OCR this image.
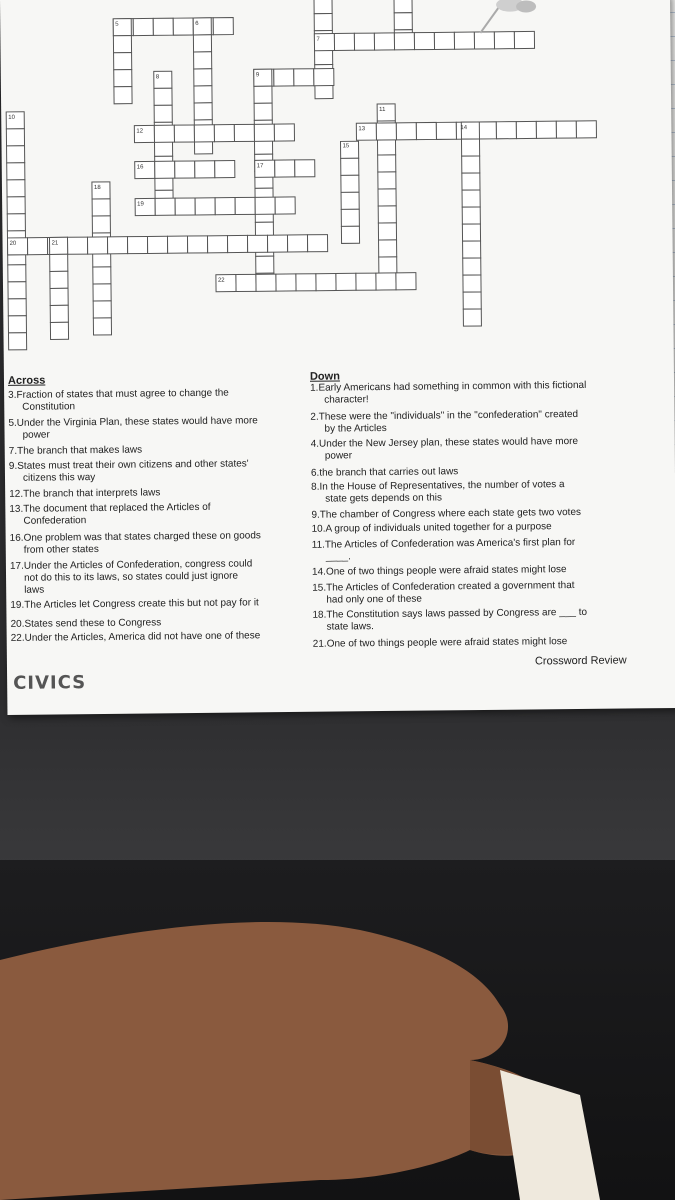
5	6
7
8	9
10
11
12	13	14
15
16	17
18
19
20	21
22
Across
3.Fraction of states that must agree to change the
Constitution
5.Under the Virginia Plan, these states would have more
power
7.The branch that makes laws
9.States must treat their own citizens and other states'
citizens this way
12.The branch that interprets laws
13.The document that replaced the Articles of
Confederation
16.One problem was that states charged these on goods
from other states
17.Under the Articles of Confederation, congress could
not do this to its laws, so states could just ignore
laws
19.The Articles let Congress create this but not pay for it
20.States send these to Congress
22.Under the Articles, America did not have one of these
Down
1.Early Americans had something in common with this fictional
character!
2.These were the "individuals" in the "confederation" created
by the Articles
4.Under the New Jersey plan, these states would have more
power
6.the branch that carries out laws
8.In the House of Representatives, the number of votes a
state gets depends on this
9.The chamber of Congress where each state gets two votes
10.A group of individuals united together for a purpose
11.The Articles of Confederation was America's first plan for
____.
14.One of two things people were afraid states might lose
15.The Articles of Confederation created a government that
had only one of these
18.The Constitution says laws passed by Congress are ___ to
state laws.
21.One of two things people were afraid states might lose
Crossword Review
CIVICS
